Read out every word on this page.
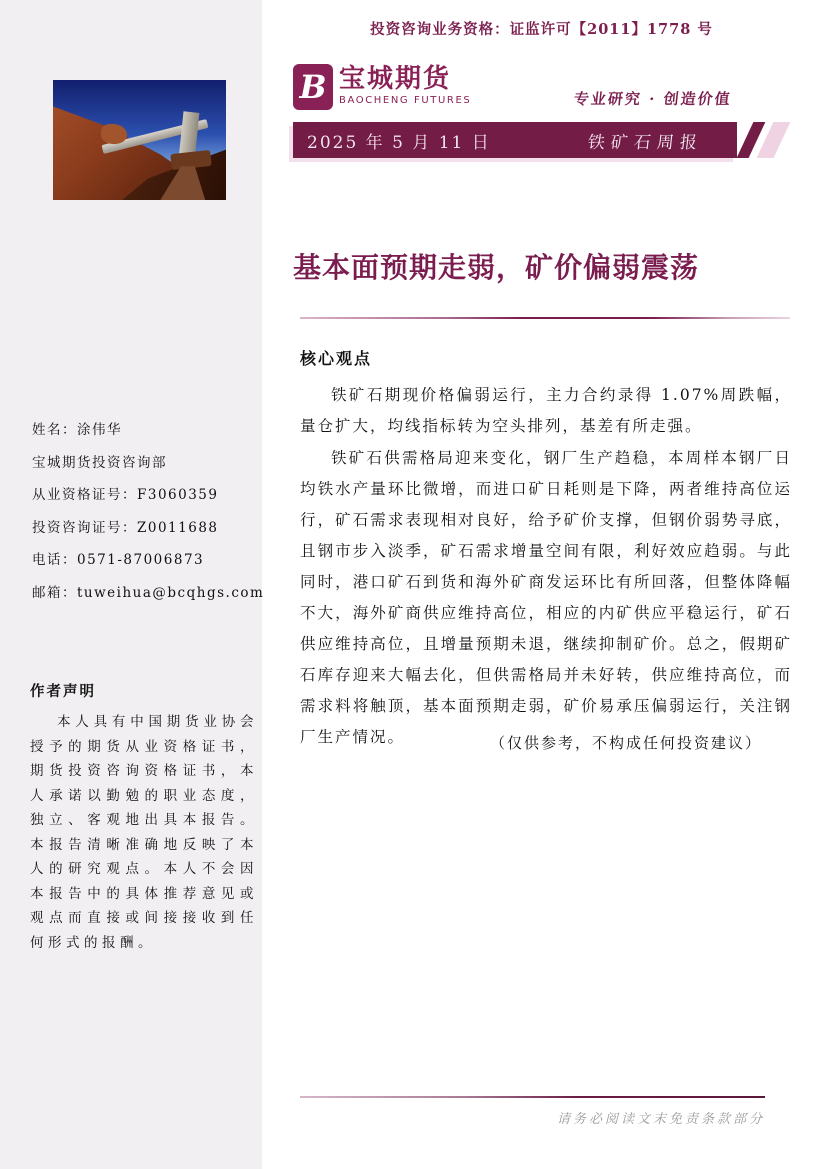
姓名：涂伟华
宝城期货投资咨询部
从业资格证号：F3060359
投资咨询证号：Z0011688
电话：0571-87006873
邮箱：tuweihua@bcqhgs.com
作者声明

本人具有中国期货业协会授予的期货从业资格证书，期货投资咨询资格证书，本人承诺以勤勉的职业态度，独立、客观地出具本报告。本报告清晰准确地反映了本人的研究观点。本人不会因本报告中的具体推荐意见或观点而直接或间接接收到任何形式的报酬。

投资咨询业务资格：证监许可【2011】1778 号
B 宝城期货
BAOCHENG FUTURES	专业研究 · 创造价值
2025 年 5 月 11 日	铁矿石周报
基本面预期走弱，矿价偏弱震荡
核心观点

铁矿石期现价格偏弱运行，主力合约录得 1.07%周跌幅，量仓扩大，均线指标转为空头排列，基差有所走强。

铁矿石供需格局迎来变化，钢厂生产趋稳，本周样本钢厂日均铁水产量环比微增，而进口矿日耗则是下降，两者维持高位运行，矿石需求表现相对良好，给予矿价支撑，但钢价弱势寻底，且钢市步入淡季，矿石需求增量空间有限，利好效应趋弱。与此同时，港口矿石到货和海外矿商发运环比有所回落，但整体降幅不大，海外矿商供应维持高位，相应的内矿供应平稳运行，矿石供应维持高位，且增量预期未退，继续抑制矿价。总之，假期矿石库存迎来大幅去化，但供需格局并未好转，供应维持高位，而需求料将触顶，基本面预期走弱，矿价易承压偏弱运行，关注钢厂生产情况。	（仅供参考，不构成任何投资建议）
请务必阅读文末免责条款部分
